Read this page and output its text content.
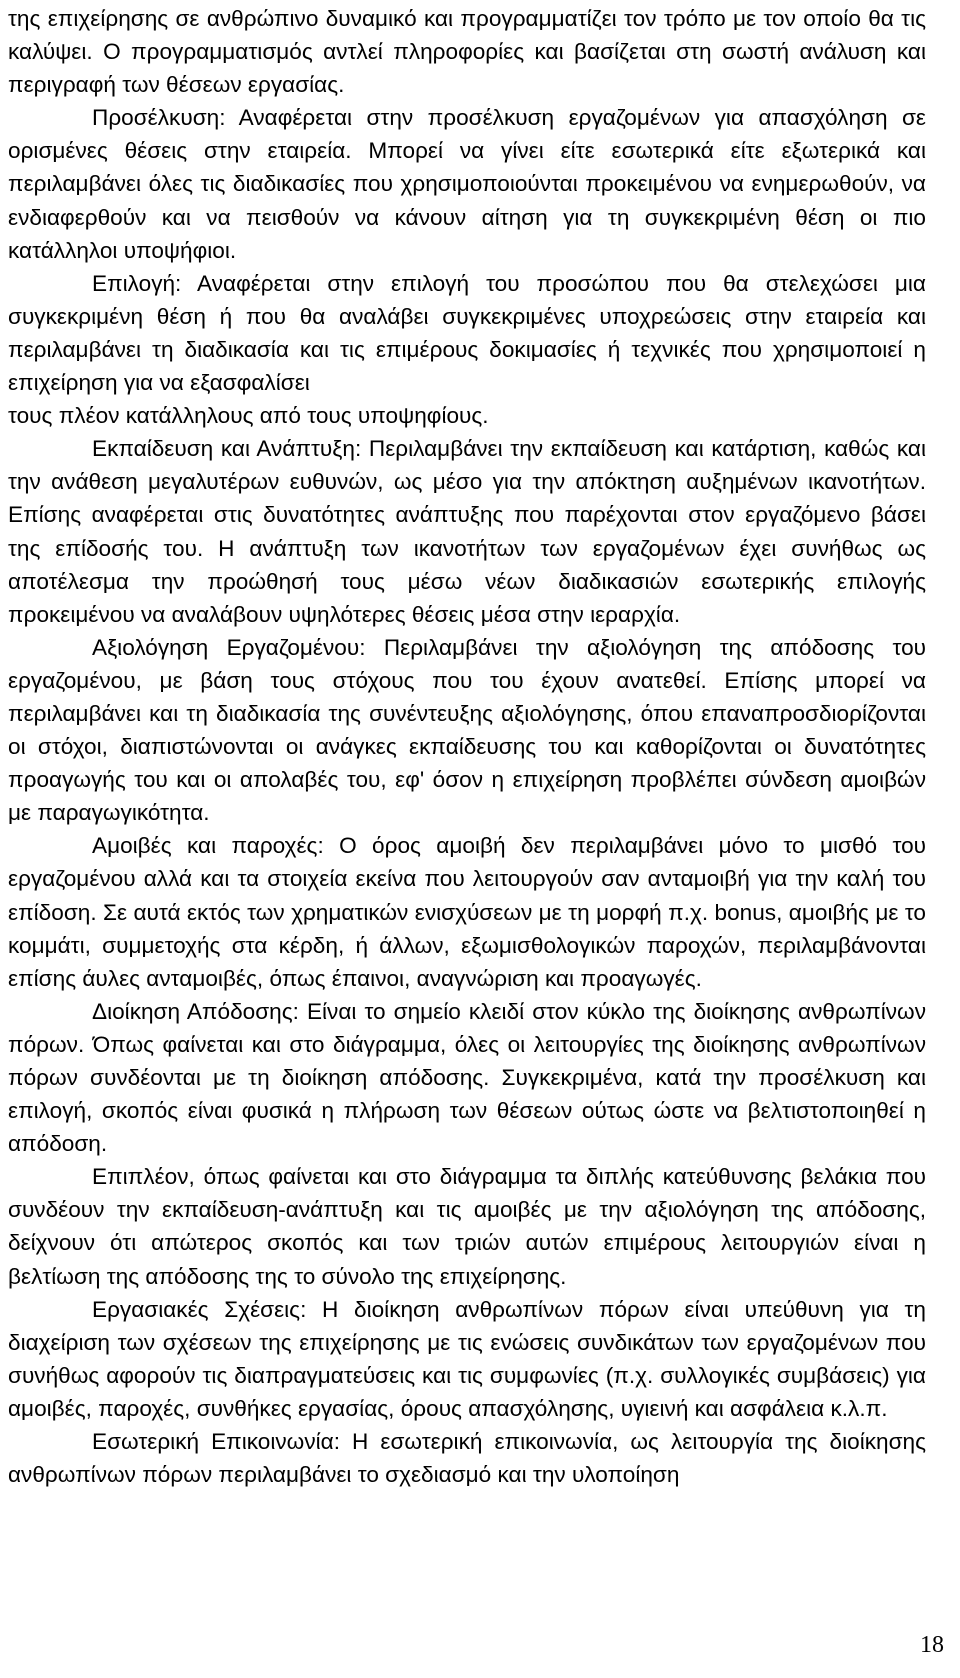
της επιχείρησης σε ανθρώπινο δυναμικό και προγραμματίζει τον τρόπο με τον οποίο θα τις καλύψει. Ο προγραμματισμός αντλεί πληροφορίες και βασίζεται στη σωστή ανάλυση και περιγραφή των θέσεων εργασίας.

Προσέλκυση: Αναφέρεται στην προσέλκυση εργαζομένων για απασχόληση σε ορισμένες θέσεις στην εταιρεία. Μπορεί να γίνει είτε εσωτερικά είτε εξωτερικά και περιλαμβάνει όλες τις διαδικασίες που χρησιμοποιούνται προκειμένου να ενημερωθούν, να ενδιαφερθούν και να πεισθούν να κάνουν αίτηση για τη συγκεκριμένη θέση οι πιο κατάλληλοι υποψήφιοι.

Επιλογή: Αναφέρεται στην επιλογή του προσώπου που θα στελεχώσει μια συγκεκριμένη θέση ή που θα αναλάβει συγκεκριμένες υποχρεώσεις στην εταιρεία και περιλαμβάνει τη διαδικασία και τις επιμέρους δοκιμασίες ή τεχνικές που χρησιμοποιεί η επιχείρηση για να εξασφαλίσει

τους πλέον κατάλληλους από τους υποψηφίους.

Εκπαίδευση και Ανάπτυξη: Περιλαμβάνει την εκπαίδευση και κατάρτιση, καθώς και την ανάθεση μεγαλυτέρων ευθυνών, ως μέσο για την απόκτηση αυξημένων ικανοτήτων. Επίσης αναφέρεται στις δυνατότητες ανάπτυξης που παρέχονται στον εργαζόμενο βάσει της επίδοσής του. Η ανάπτυξη των ικανοτήτων των εργαζομένων έχει συνήθως ως αποτέλεσμα την προώθησή τους μέσω νέων διαδικασιών εσωτερικής επιλογής προκειμένου να αναλάβουν υψηλότερες θέσεις μέσα στην ιεραρχία.

Αξιολόγηση Εργαζομένου: Περιλαμβάνει την αξιολόγηση της απόδοσης του εργαζομένου, με βάση τους στόχους που του έχουν ανατεθεί. Επίσης μπορεί να περιλαμβάνει και τη διαδικασία της συνέντευξης αξιολόγησης, όπου επαναπροσδιορίζονται οι στόχοι, διαπιστώνονται οι ανάγκες εκπαίδευσης του και καθορίζονται οι δυνατότητες προαγωγής του και οι απολαβές του, εφ' όσον η επιχείρηση προβλέπει σύνδεση αμοιβών με παραγωγικότητα.

Αμοιβές και παροχές: Ο όρος αμοιβή δεν περιλαμβάνει μόνο το μισθό του εργαζομένου αλλά και τα στοιχεία εκείνα που λειτουργούν σαν ανταμοιβή για την καλή του επίδοση. Σε αυτά εκτός των χρηματικών ενισχύσεων με τη μορφή π.χ. bonus, αμοιβής με το κομμάτι, συμμετοχής στα κέρδη, ή άλλων, εξωμισθολογικών παροχών, περιλαμβάνονται επίσης άυλες ανταμοιβές, όπως έπαινοι, αναγνώριση και προαγωγές.

Διοίκηση Απόδοσης: Είναι το σημείο κλειδί στον κύκλο της διοίκησης ανθρωπίνων πόρων. Όπως φαίνεται και στο διάγραμμα, όλες οι λειτουργίες της διοίκησης ανθρωπίνων πόρων συνδέονται με τη διοίκηση απόδοσης. Συγκεκριμένα, κατά την προσέλκυση και επιλογή, σκοπός είναι φυσικά η πλήρωση των θέσεων ούτως ώστε να βελτιστοποιηθεί η απόδοση.

Επιπλέον, όπως φαίνεται και στο διάγραμμα τα διπλής κατεύθυνσης βελάκια που συνδέουν την εκπαίδευση-ανάπτυξη και τις αμοιβές με την αξιολόγηση της απόδοσης, δείχνουν ότι απώτερος σκοπός και των τριών αυτών επιμέρους λειτουργιών είναι η βελτίωση της απόδοσης της το σύνολο της επιχείρησης.

Εργασιακές Σχέσεις: Η διοίκηση ανθρωπίνων πόρων είναι υπεύθυνη για τη διαχείριση των σχέσεων της επιχείρησης με τις ενώσεις συνδικάτων των εργαζομένων που συνήθως αφορούν τις διαπραγματεύσεις και τις συμφωνίες (π.χ. συλλογικές συμβάσεις) για αμοιβές, παροχές, συνθήκες εργασίας, όρους απασχόλησης, υγιεινή και ασφάλεια κ.λ.π.

Εσωτερική Επικοινωνία: Η εσωτερική επικοινωνία, ως λειτουργία της διοίκησης ανθρωπίνων πόρων περιλαμβάνει το σχεδιασμό και την υλοποίηση

18
